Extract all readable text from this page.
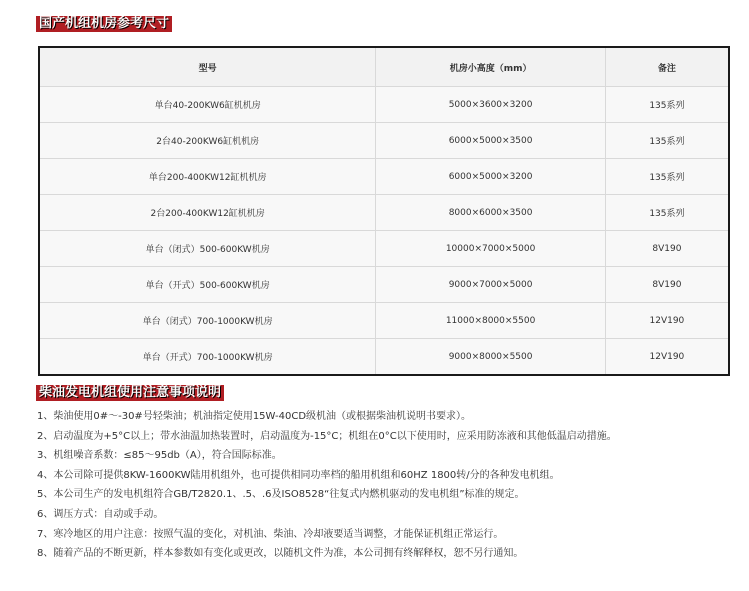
国产机组机房参考尺寸
型号	机房小高度（mm）	备注
单台40-200KW6缸机机房	5000×3600×3200	135系列
2台40-200KW6缸机机房	6000×5000×3500	135系列
单台200-400KW12缸机机房	6000×5000×3200	135系列
2台200-400KW12缸机机房	8000×6000×3500	135系列
单台（闭式）500-600KW机房	10000×7000×5000	8V190
单台（开式）500-600KW机房	9000×7000×5000	8V190
单台（闭式）700-1000KW机房	11000×8000×5500	12V190
单台（开式）700-1000KW机房	9000×8000×5500	12V190
柴油发电机组使用注意事项说明
1、柴油使用0#～-30#号轻柴油；机油指定使用15W-40CD级机油（或根据柴油机说明书要求）。
2、启动温度为+5°C以上；带水油温加热装置时，启动温度为-15°C；机组在0°C以下使用时，应采用防冻液和其他低温启动措施。
3、机组噪音系数：≤85～95db（A），符合国际标准。
4、本公司除可提供8KW-1600KW陆用机组外，也可提供相同功率档的船用机组和60HZ 1800转/分的各种发电机组。
5、本公司生产的发电机组符合GB/T2820.1、.5、.6及ISO8528“往复式内燃机驱动的发电机组”标准的规定。
6、调压方式：自动或手动。
7、寒冷地区的用户注意：按照气温的变化，对机油、柴油、冷却液要适当调整，才能保证机组正常运行。
8、随着产品的不断更新，样本参数如有变化或更改，以随机文件为准，本公司拥有终解释权，恕不另行通知。
